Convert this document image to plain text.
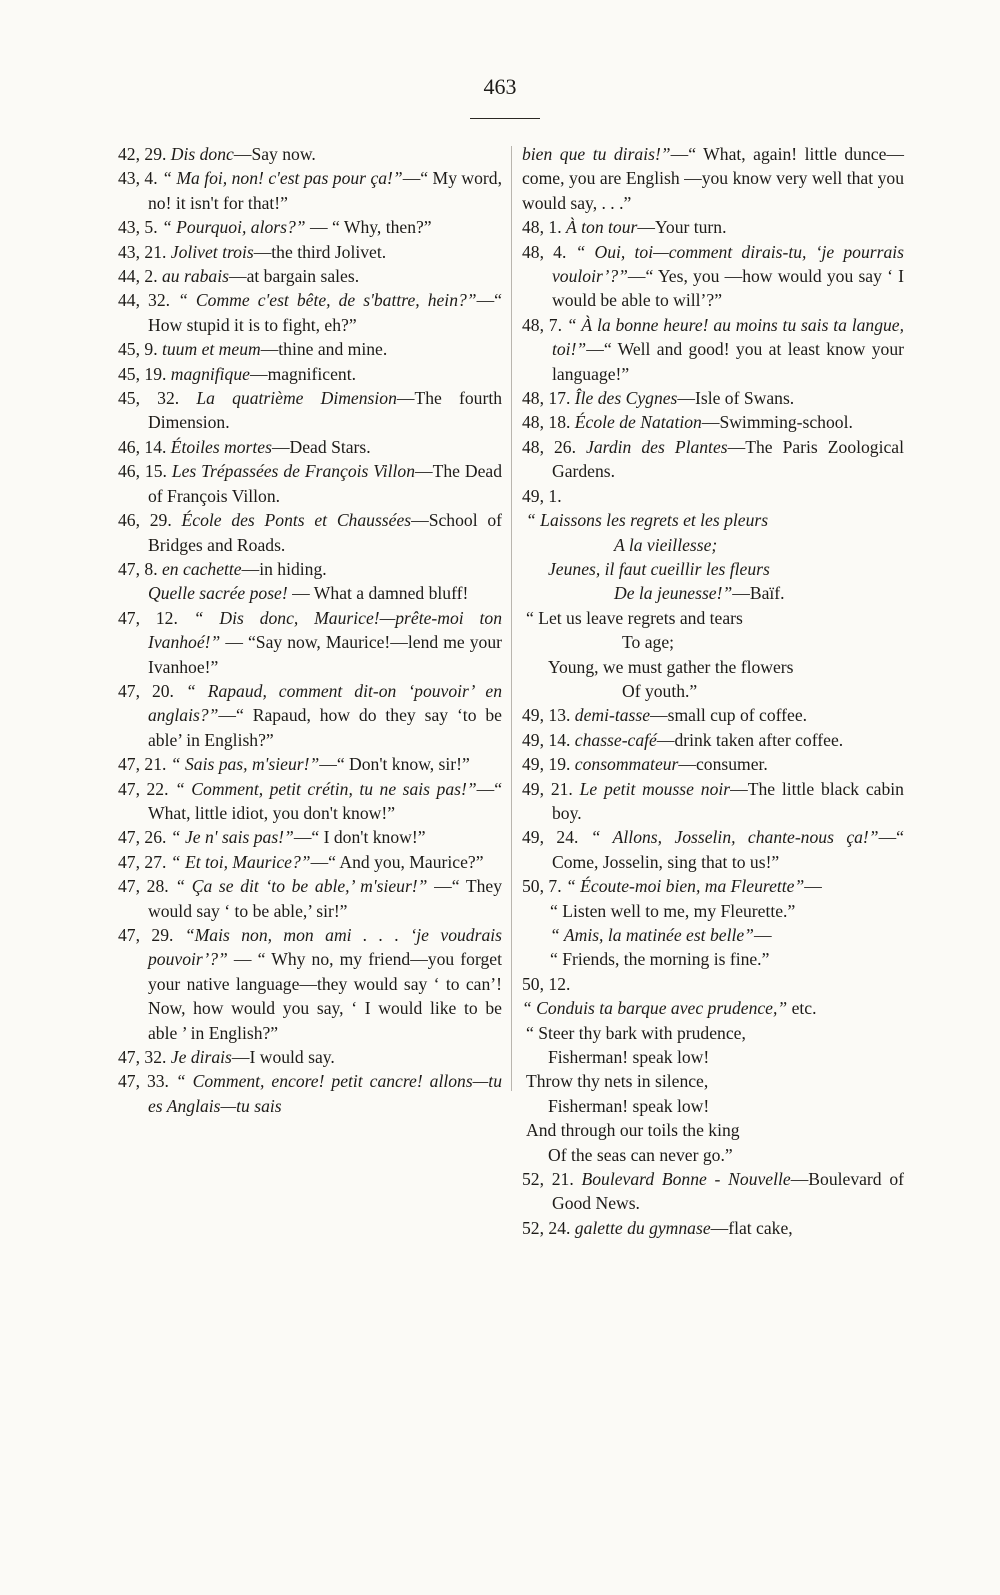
463
42, 29. Dis donc—Say now.
43, 4. “ Ma foi, non! c'est pas pour ça!”—“ My word, no! it isn't for that!”
43, 5. “ Pourquoi, alors?” — “ Why, then?”
43, 21. Jolivet trois—the third Jolivet.
44, 2. au rabais—at bargain sales.
44, 32. “ Comme c'est bête, de s'battre, hein?”—“ How stupid it is to fight, eh?”
45, 9. tuum et meum—thine and mine.
45, 19. magnifique—magnificent.
45, 32. La quatrième Dimension—The fourth Dimension.
46, 14. Étoiles mortes—Dead Stars.
46, 15. Les Trépassées de François Villon—The Dead of François Villon.
46, 29. École des Ponts et Chaussées—School of Bridges and Roads.
47, 8. en cachette—in hiding.
Quelle sacrée pose! — What a damned bluff!
47, 12. “ Dis donc, Maurice!—prête-moi ton Ivanhoé!” — “Say now, Maurice!—lend me your Ivanhoe!”
47, 20. “ Rapaud, comment dit-on ‘pouvoir’ en anglais?”—“ Rapaud, how do they say ‘to be able’ in English?”
47, 21. “ Sais pas, m'sieur!”—“ Don't know, sir!”
47, 22. “ Comment, petit crétin, tu ne sais pas!”—“ What, little idiot, you don't know!”
47, 26. “ Je n' sais pas!”—“ I don't know!”
47, 27. “ Et toi, Maurice?”—“ And you, Maurice?”
47, 28. “ Ça se dit ‘to be able,’ m'sieur!” —“ They would say ‘ to be able,’ sir!”
47, 29. “Mais non, mon ami . . . ‘je voudrais pouvoir’?” — “ Why no, my friend—you forget your native language—they would say ‘ to can’! Now, how would you say, ‘ I would like to be able ’ in English?”
47, 32. Je dirais—I would say.
47, 33. “ Comment, encore! petit cancre! allons—tu es Anglais—tu sais
bien que tu dirais!”—“ What, again! little dunce—come, you are English —you know very well that you would say, . . .”
48, 1. À ton tour—Your turn.
48, 4. “ Oui, toi—comment dirais-tu, ‘je pourrais vouloir’?”—“ Yes, you —how would you say ‘ I would be able to will’?”
48, 7. “ À la bonne heure! au moins tu sais ta langue, toi!”—“ Well and good! you at least know your language!”
48, 17. Île des Cygnes—Isle of Swans.
48, 18. École de Natation—Swimming-school.
48, 26. Jardin des Plantes—The Paris Zoological Gardens.
49, 1.
“ Laissons les regrets et les pleurs
A la vieillesse;
Jeunes, il faut cueillir les fleurs
De la jeunesse!”—Baïf.
“ Let us leave regrets and tears
To age;
Young, we must gather the flowers
Of youth.”
49, 13. demi-tasse—small cup of coffee.
49, 14. chasse-café—drink taken after coffee.
49, 19. consommateur—consumer.
49, 21. Le petit mousse noir—The little black cabin boy.
49, 24. “ Allons, Josselin, chante-nous ça!”—“ Come, Josselin, sing that to us!”
50, 7. “ Écoute-moi bien, ma Fleurette”—
“ Listen well to me, my Fleurette.”
“ Amis, la matinée est belle”—
“ Friends, the morning is fine.”
50, 12.
“ Conduis ta barque avec prudence,” etc.
“ Steer thy bark with prudence,
Fisherman! speak low!
Throw thy nets in silence,
Fisherman! speak low!
And through our toils the king
Of the seas can never go.”
52, 21. Boulevard Bonne - Nouvelle—Boulevard of Good News.
52, 24. galette du gymnase—flat cake,
